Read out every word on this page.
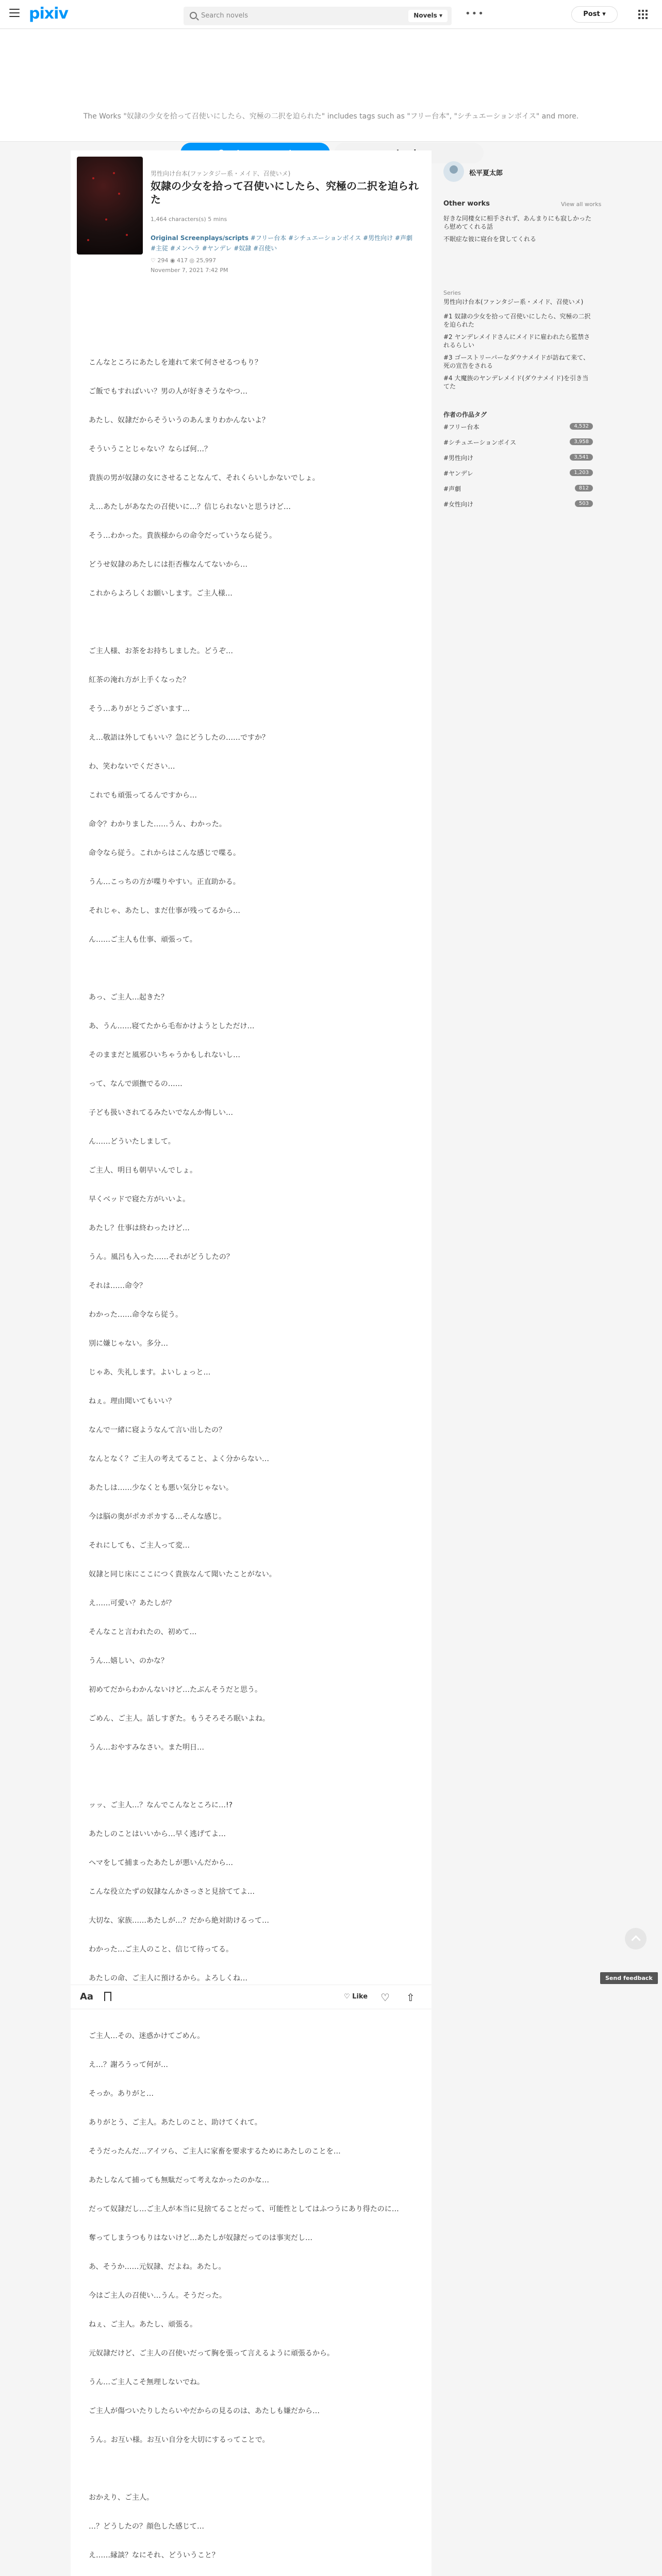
pixiv	Search novels	Novels ▾	•••	Post ▾
The Works "奴隷の少女を拾って召使いにしたら、究極の二択を迫られた" includes tags such as "フリー台本", "シチュエーションボイス" and more.
男性向け台本(ファンタジー系・メイド、召使いメ)
奴隷の少女を拾って召使いにしたら、究極の二択を迫られた
1,464 characters(s) 5 mins
Original Screenplays/scripts #フリー台本 #シチュエーションボイス #男性向け #声劇 #主従 #メンヘラ #ヤンデレ #奴隷 #召使い
♡ 294 ◉ 417 ◎ 25,997
November 7, 2021 7:42 PM
こんなところにあたしを連れて来て何させるつもり？

ご飯でもすればいい？男の人が好きそうなやつ…

あたし、奴隷だからそういうのあんまりわかんないよ？

そういうことじゃない？ならば何…？

貴族の男が奴隷の女にさせることなんて、それくらいしかないでしょ。

え…あたしがあなたの召使いに…？信じられないと思うけど…

そう…わかった。貴族様からの命令だっていうなら従う。

どうせ奴隷のあたしには拒否権なんてないから…

これからよろしくお願いします。ご主人様…

ご主人様、お茶をお持ちしました。どうぞ…

紅茶の淹れ方が上手くなった？

そう…ありがとうございます…

え…敬語は外してもいい？急にどうしたの……ですか？

わ、笑わないでください…

これでも頑張ってるんですから…

命令？わかりました……うん、わかった。

命令なら従う。これからはこんな感じで喋る。

うん…こっちの方が喋りやすい。正直助かる。

それじゃ、あたし、まだ仕事が残ってるから…

ん……ご主人も仕事、頑張って。

あっ、ご主人…起きた？

あ、うん……寝てたから毛布かけようとしただけ…

そのままだと風邪ひいちゃうかもしれないし…

って、なんで頭撫でるの……

子ども扱いされてるみたいでなんか悔しい…

ん……どういたしまして。

ご主人、明日も朝早いんでしょ。

早くベッドで寝た方がいいよ。

あたし？仕事は終わったけど…

うん。風呂も入った……それがどうしたの？

それは……命令？

わかった……命令なら従う。

別に嫌じゃない。多分…

じゃあ、失礼します。よいしょっと…

ねぇ。理由聞いてもいい？

なんで一緒に寝ようなんて言い出したの？

なんとなく？ご主人の考えてること、よく分からない…

あたしは……少なくとも悪い気分じゃない。

今は脳の奥がポカポカする…そんな感じ。

それにしても、ご主人って変…

奴隷と同じ床にここにつく貴族なんて聞いたことがない。

え……可愛い？あたしが？

そんなこと言われたの、初めて…

うん…嬉しい、のかな？

初めてだからわかんないけど…たぶんそうだと思う。

ごめん、ご主人。話しすぎた。もうそろそろ眠いよね。

うん…おやすみなさい。また明日…

ッッ、ご主人…？なんでこんなところに…!?

あたしのことはいいから…早く逃げてよ…

ヘマをして捕まったあたしが悪いんだから…

こんな役立たずの奴隷なんかさっさと見捨ててよ…

大切な、家族……あたしが…？だから絶対助けるって…

わかった…ご主人のこと、信じて待ってる。

あたしの命、ご主人に預けるから。よろしくね…

ご主人…その、迷惑かけてごめん。

え…？謝ろうって何が…

そっか。ありがと…

ありがとう、ご主人。あたしのこと、助けてくれて。

そうだったんだ…アイツら、ご主人に家畜を要求するためにあたしのことを…

あたしなんて捕っても無駄だって考えなかったのかな…

だって奴隷だし…ご主人が本当に見捨てることだって、可能性としてはふつうにあり得たのに…

奪ってしまうつもりはないけど…あたしが奴隷だってのは事実だし…

あ、そうか……元奴隷、だよね。あたし。

今はご主人の召使い…うん。そうだった。

ねぇ、ご主人。あたし、頑張る。

元奴隷だけど、ご主人の召使いだって胸を張って言えるように頑張るから。

うん…ご主人こそ無理しないでね。

ご主人が傷ついたりしたらいやだからの見るのは、あたしも嫌だから…

うん。お互い様。お互い自分を大切にするってことで。

おかえり、ご主人。

…？どうしたの？顔色した感じて…

え……縁談？なにそれ、どういうこと？

Aa	♡ Like ♡ ⇧
松平夏太郎
Other works	View all works
好きな同棲女に相手されず、あんまりにも寂しかったら慰めてくれる話
不眠症な彼に寝台を貸してくれる
Series
男性向け台本(ファンタジー系・メイド、召使いメ)
#1 奴隷の少女を拾って召使いにしたら、究極の二択を迫られた
#2 ヤンデレメイドさんにメイドに雇われたら監禁されるらしい
#3 ゴーストリーパーなダウナメイドが訪ねて来て、死の宣告をされる
#4 大魔族のヤンデレメイド(ダウナメイド)を引き当てた
作者の作品タグ
#フリー台本	4,532
#シチュエーションボイス	3,958
#男性向け	3,541
#ヤンデレ	1,203
#声劇	812
#女性向け	503
Send feedback
